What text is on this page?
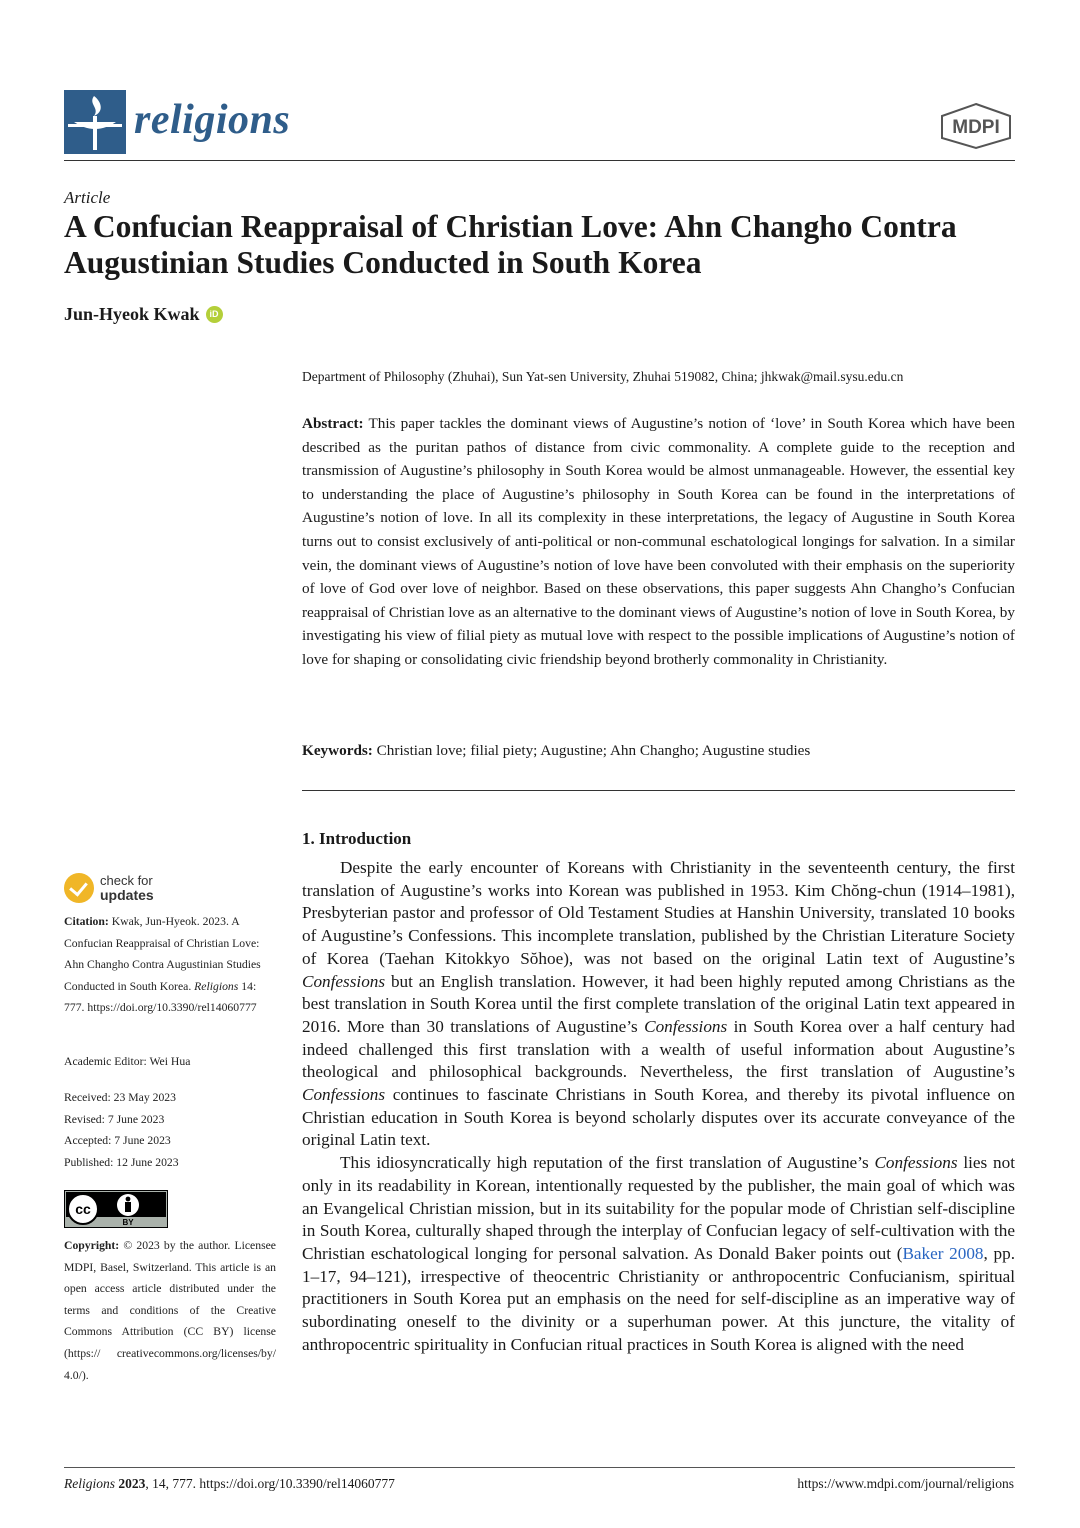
religions	MDPI
Article
A Confucian Reappraisal of Christian Love: Ahn Changho Contra Augustinian Studies Conducted in South Korea
Jun-Hyeok Kwak	iD
Department of Philosophy (Zhuhai), Sun Yat-sen University, Zhuhai 519082, China; jhkwak@mail.sysu.edu.cn
Abstract: This paper tackles the dominant views of Augustine’s notion of ‘love’ in South Korea which have been described as the puritan pathos of distance from civic commonality. A complete guide to the reception and transmission of Augustine’s philosophy in South Korea would be almost unmanageable. However, the essential key to understanding the place of Augustine’s philosophy in South Korea can be found in the interpretations of Augustine’s notion of love. In all its complexity in these interpretations, the legacy of Augustine in South Korea turns out to consist exclusively of anti-political or non-communal eschatological longings for salvation. In a similar vein, the dominant views of Augustine’s notion of love have been convoluted with their emphasis on the superiority of love of God over love of neighbor. Based on these observations, this paper suggests Ahn Changho’s Confucian reappraisal of Christian love as an alternative to the dominant views of Augustine’s notion of love in South Korea, by investigating his view of filial piety as mutual love with respect to the possible implications of Augustine’s notion of love for shaping or consolidating civic friendship beyond brotherly commonality in Christianity.
Keywords: Christian love; filial piety; Augustine; Ahn Changho; Augustine studies
1. Introduction

Despite the early encounter of Koreans with Christianity in the seventeenth century, the first translation of Augustine’s works into Korean was published in 1953. Kim Chŏng-chun (1914–1981), Presbyterian pastor and professor of Old Testament Studies at Hanshin University, translated 10 books of Augustine’s Confessions. This incomplete translation, published by the Christian Literature Society of Korea (Taehan Kitokkyo Sŏhoe), was not based on the original Latin text of Augustine’s Confessions but an English translation. However, it had been highly reputed among Christians as the best translation in South Korea until the first complete translation of the original Latin text appeared in 2016. More than 30 translations of Augustine’s Confessions in South Korea over a half century had indeed challenged this first translation with a wealth of useful information about Augustine’s theological and philosophical backgrounds. Nevertheless, the first translation of Augustine’s Confessions continues to fascinate Christians in South Korea, and thereby its pivotal influence on Christian education in South Korea is beyond scholarly disputes over its accurate conveyance of the original Latin text.

This idiosyncratically high reputation of the first translation of Augustine’s Confessions lies not only in its readability in Korean, intentionally requested by the publisher, the main goal of which was an Evangelical Christian mission, but in its suitability for the popular mode of Christian self-discipline in South Korea, culturally shaped through the interplay of Confucian legacy of self-cultivation with the Christian eschatological longing for personal salvation. As Donald Baker points out (Baker 2008, pp. 1–17, 94–121), irrespective of theocentric Christianity or anthropocentric Confucianism, spiritual practitioners in South Korea put an emphasis on the need for self-discipline as an imperative way of subordinating oneself to the divinity or a superhuman power. At this juncture, the vitality of anthropocentric spirituality in Confucian ritual practices in South Korea is aligned with the need

check for
updates
Citation: Kwak, Jun-Hyeok. 2023. A Confucian Reappraisal of Christian Love: Ahn Changho Contra Augustinian Studies Conducted in South Korea. Religions 14: 777. https://doi.org/10.3390/rel14060777
Academic Editor: Wei Hua
Received: 23 May 2023
Revised: 7 June 2023
Accepted: 7 June 2023
Published: 12 June 2023
cc
BY
Copyright: © 2023 by the author. Licensee MDPI, Basel, Switzerland. This article is an open access article distributed under the terms and conditions of the Creative Commons Attribution (CC BY) license (https:// creativecommons.org/licenses/by/ 4.0/).
Religions 2023, 14, 777. https://doi.org/10.3390/rel14060777	https://www.mdpi.com/journal/religions
